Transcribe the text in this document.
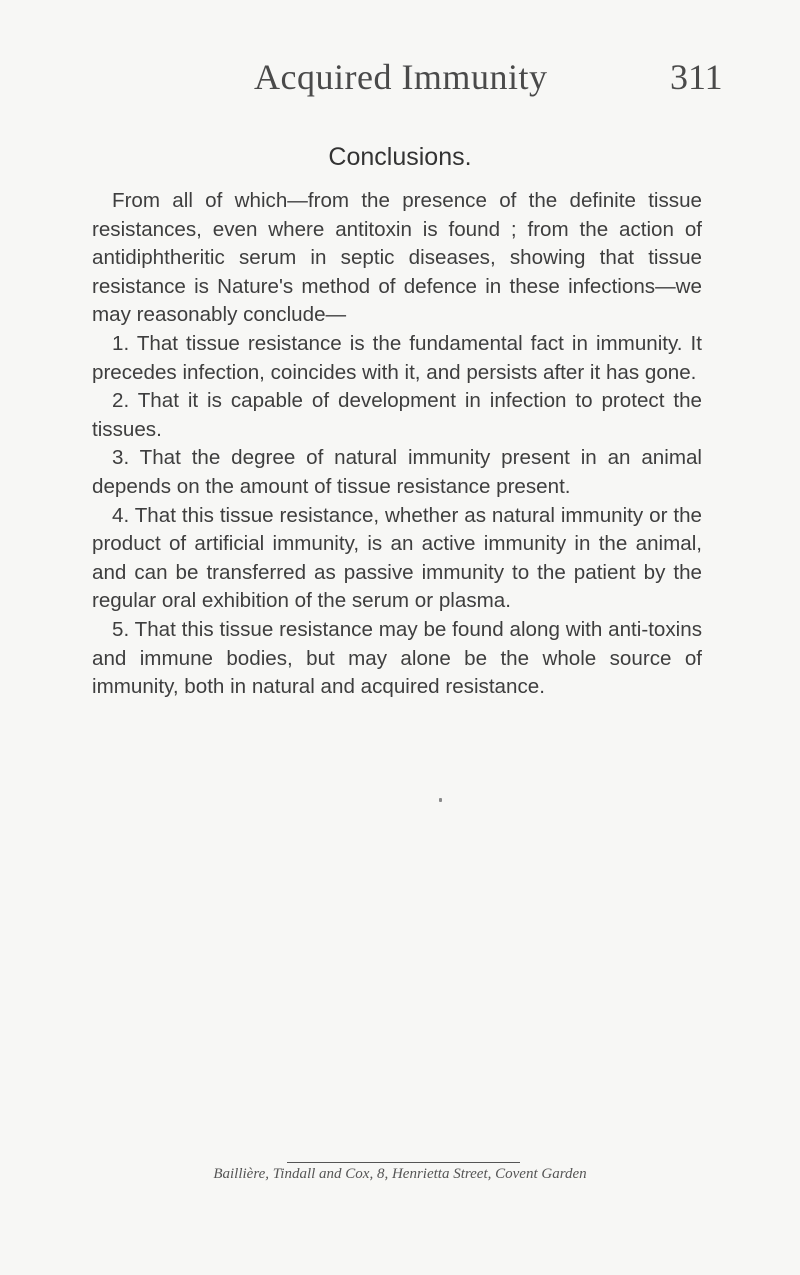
Acquired Immunity	311
Conclusions.

From all of which—from the presence of the definite tissue resistances, even where antitoxin is found ; from the action of antidiphtheritic serum in septic diseases, showing that tissue resistance is Nature's method of defence in these infections—we may reasonably conclude—

1. That tissue resistance is the fundamental fact in immunity. It precedes infection, coincides with it, and persists after it has gone.

2. That it is capable of development in infection to protect the tissues.

3. That the degree of natural immunity present in an animal depends on the amount of tissue resistance present.

4. That this tissue resistance, whether as natural immunity or the product of artificial immunity, is an active immunity in the animal, and can be transferred as passive immunity to the patient by the regular oral exhibition of the serum or plasma.

5. That this tissue resistance may be found along with anti-toxins and immune bodies, but may alone be the whole source of immunity, both in natural and acquired resistance.

Baillière, Tindall and Cox, 8, Henrietta Street, Covent Garden
